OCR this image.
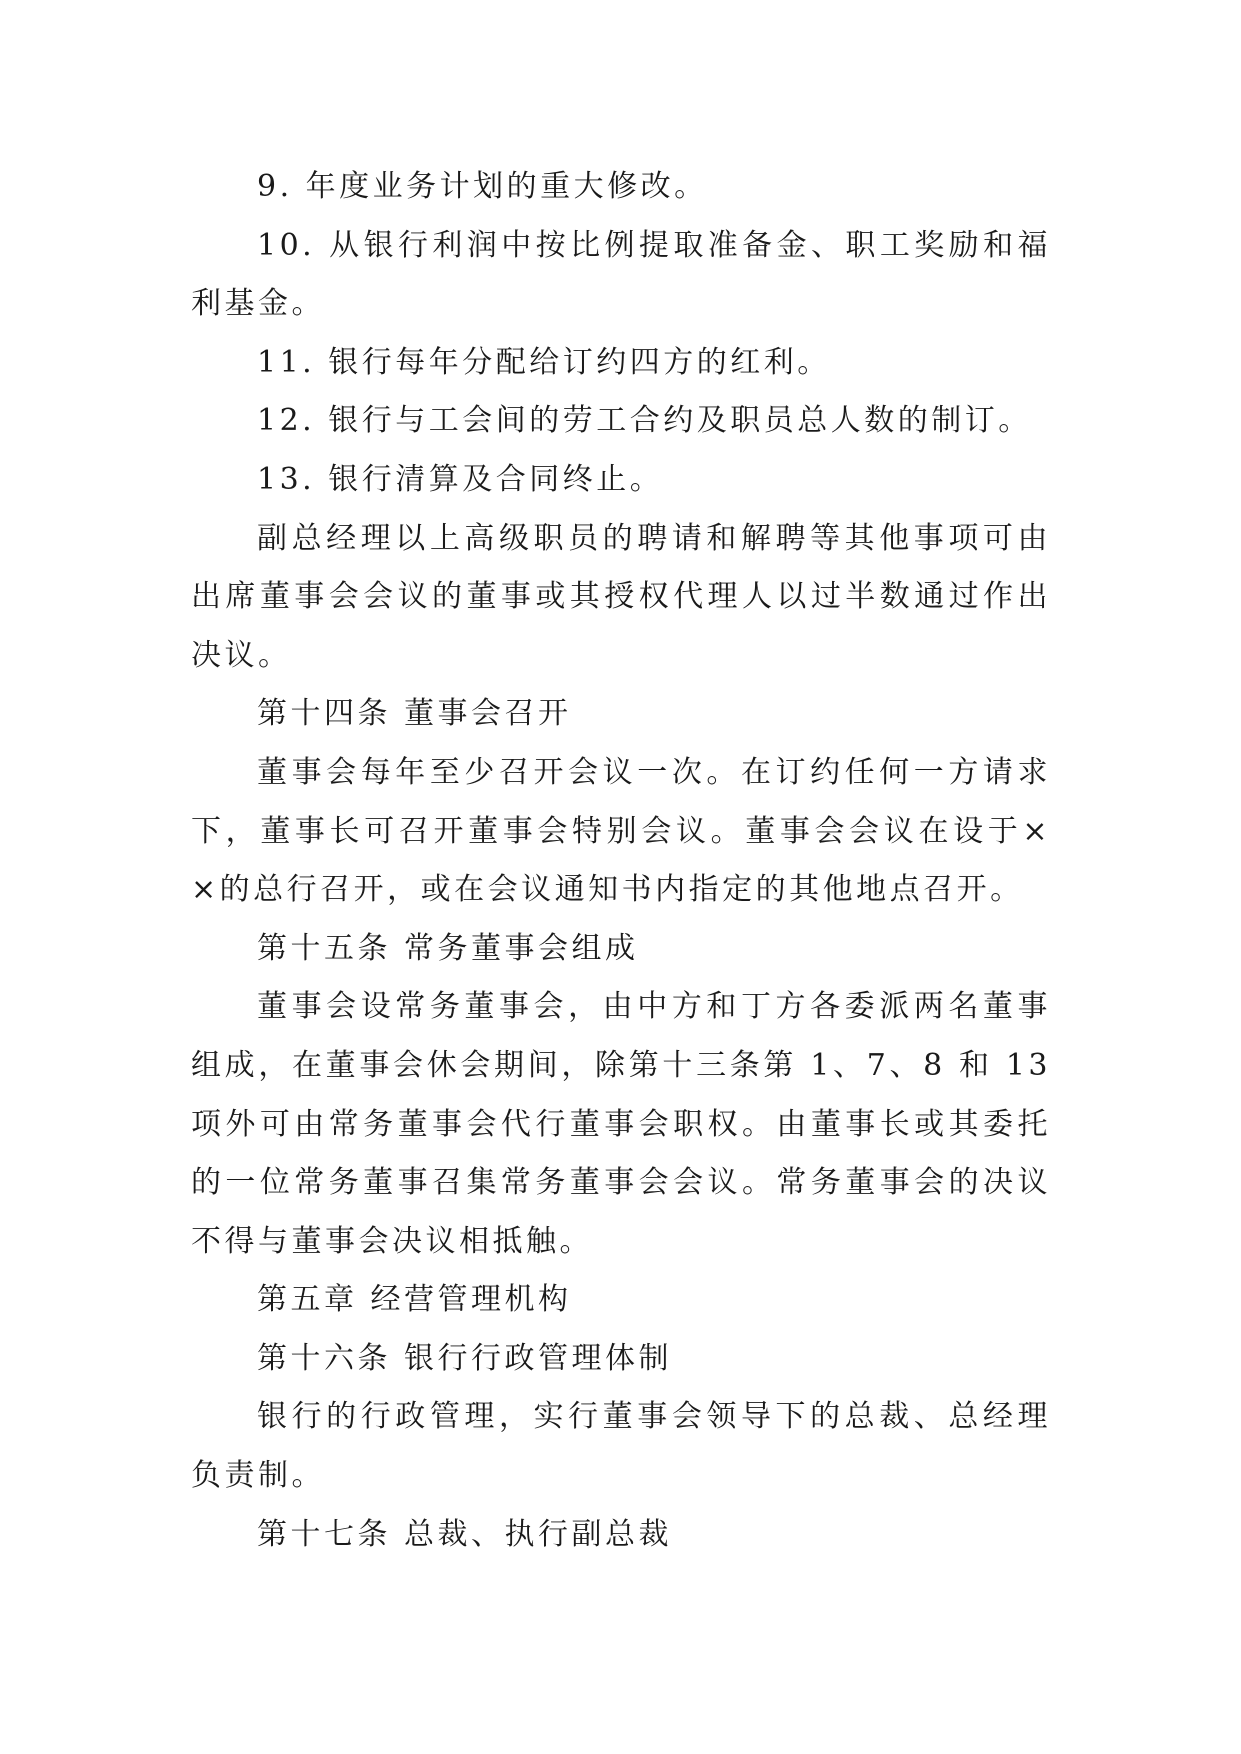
9. 年度业务计划的重大修改。

10. 从银行利润中按比例提取准备金、职工奖励和福利基金。

11. 银行每年分配给订约四方的红利。

12. 银行与工会间的劳工合约及职员总人数的制订。

13. 银行清算及合同终止。

副总经理以上高级职员的聘请和解聘等其他事项可由出席董事会会议的董事或其授权代理人以过半数通过作出决议。

第十四条 董事会召开

董事会每年至少召开会议一次。在订约任何一方请求下，董事长可召开董事会特别会议。董事会会议在设于××的总行召开，或在会议通知书内指定的其他地点召开。

第十五条 常务董事会组成

董事会设常务董事会，由中方和丁方各委派两名董事组成，在董事会休会期间，除第十三条第 1、7、8 和 13 项外可由常务董事会代行董事会职权。由董事长或其委托的一位常务董事召集常务董事会会议。常务董事会的决议不得与董事会决议相抵触。

第五章 经营管理机构

第十六条 银行行政管理体制

银行的行政管理，实行董事会领导下的总裁、总经理负责制。

第十七条 总裁、执行副总裁
